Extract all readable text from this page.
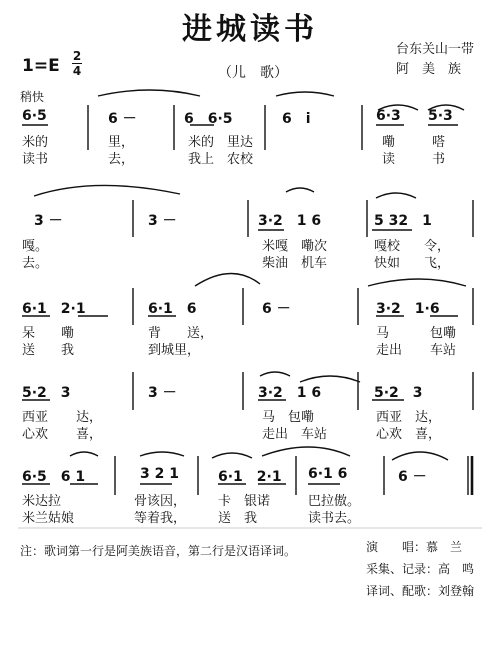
进城读书
1=E 2
4	（儿　歌）
台东关山一带
阿　美　族
稍快
6·5	6 －	6　6·5	6　i	6·3 5·3
米的	里，	米的　里达	嘞	嗒
读书	去，	我上　农校	读	书
3 －	3 －	3·2　1 6	5 32　1
嘎。	米嘎　嘞次	嘎校 令，
去。	柴油　机车	快如 飞，
6·1　2·1	6·1　6	6 －	3·2　1·6
呆　　嘞	背　　送，	马	包嘞
送　　我	到城里，	走出 车站
5·2　3	3 －	3·2　1 6	5·2　3
西亚 达，	马　包嘞	西亚　达，
心欢 喜，	走出　车站	心欢　喜，
6·5　6 1	3 2 1	6·1　2·1 6·1 6	6 －
米达拉	骨该因， 卡　银诺	巴拉傲。
米兰姑娘	等着我， 送　我	读书去。
注：歌词第一行是阿美族语音，第二行是汉语译词。	演　　唱：慕　兰
采集、记录：高　鸣
译词、配歌：刘登翰
